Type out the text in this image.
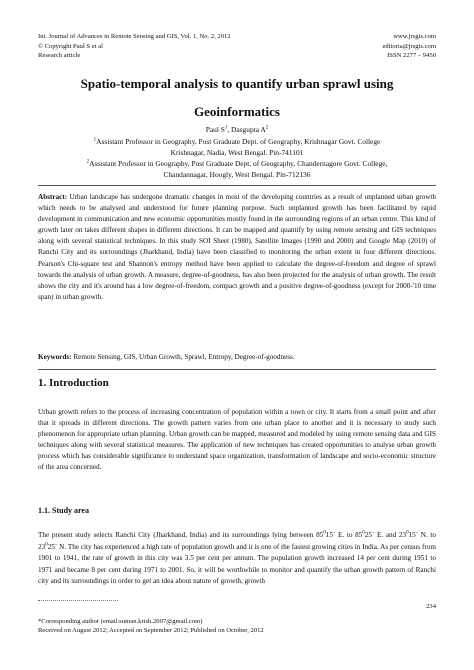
Int. Journal of Advances in Remote Sensing and GIS, Vol. 1, No. 2, 2012
© Copyright Paul S et al
Research article
www.jrsgis.com
editoria@jrsgis.com
ISSN 2277 – 9450
Spatio-temporal analysis to quantify urban sprawl using
Geoinformatics
Paul $S^1$, Dasgupta $A^2$
$^1$Assistant Professor in Geography, Post Graduate Dept. of Geography, Krishnagar Govt. College
Krishnagar, Nadia, West Bengal. Pin-741101
$^2$Assistant Professor in Geography, Post Graduate Dept. of Geography, Chandernagore Govt. College,
Chandannagar, Hoogly, West Bengal. Pin-712136
Abstract: Urban landscape has undergone dramatic changes in most of the developing countries as a result of unplanned urban growth which needs to be analysed and understood for future planning purpose. Such unplanned growth has been facilitated by rapid development in communication and new economic opportunities mostly found in the surrounding regions of an urban centre. This kind of growth later on takes different shapes in different directions. It can be mapped and quantify by using remote sensing and GIS techniques along with several statistical techniques. In this study SOI Sheet (1980), Satellite Images (1990 and 2000) and Google Map (2010) of Ranchi City and its surroundings (Jharkhand, India) have been classified to monitoring the urban extent in four different directions. Pearson's Chi-square test and Shannon's entropy method have been applied to calculate the degree-of-freedom and degree of sprawl towards the analysis of urban growth. A measure, degree-of-goodness, has also been projected for the analysis of urban growth. The result shows the city and it's around has a low degree-of-freedom, compact growth and a positive degree-of-goodness (except for 2000-'10 time span) in urban growth.
Keywords: Remote Sensing, GIS, Urban Growth, Sprawl, Entropy, Degree-of-goodness.
1. Introduction
Urban growth refers to the process of increasing concentration of population within a town or city. It starts from a small point and after that it spreads in different directions. The growth pattern varies from one urban place to another and it is necessary to study such phenomenon for appropriate urban planning. Urban growth can be mapped, measured and modeled by using remote sensing data and GIS techniques along with several statistical measures. The application of new techniques has created opportunities to analyse urban growth process which has considerable significance to understand space organization, transformation of landscape and socio-economic structure of the area concerned.
1.1. Study area
The present study selects Ranchi City (Jharkhand, India) and its surroundings lying between $85^015´$ E. to $85^025´$ E. and $23^015´$ N. to $23^025´$ N. The city has experienced a high rate of population growth and it is one of the fastest growing cities in India. As per census from 1901 to 1941, the rate of growth in this city was 3.5 per cent per annum. The population growth increased 14 per cent during 1951 to 1971 and became 8 per cent during 1971 to 2001. So, it will be worthwhile to monitor and quantify the urban growth pattern of Ranchi city and its surroundings in order to get an idea about nature of growth, growth
234
*Corresponding author (email:suman.krish.2007@gmail.com)
Received on August 2012; Accepted on September 2012; Published on October, 2012
